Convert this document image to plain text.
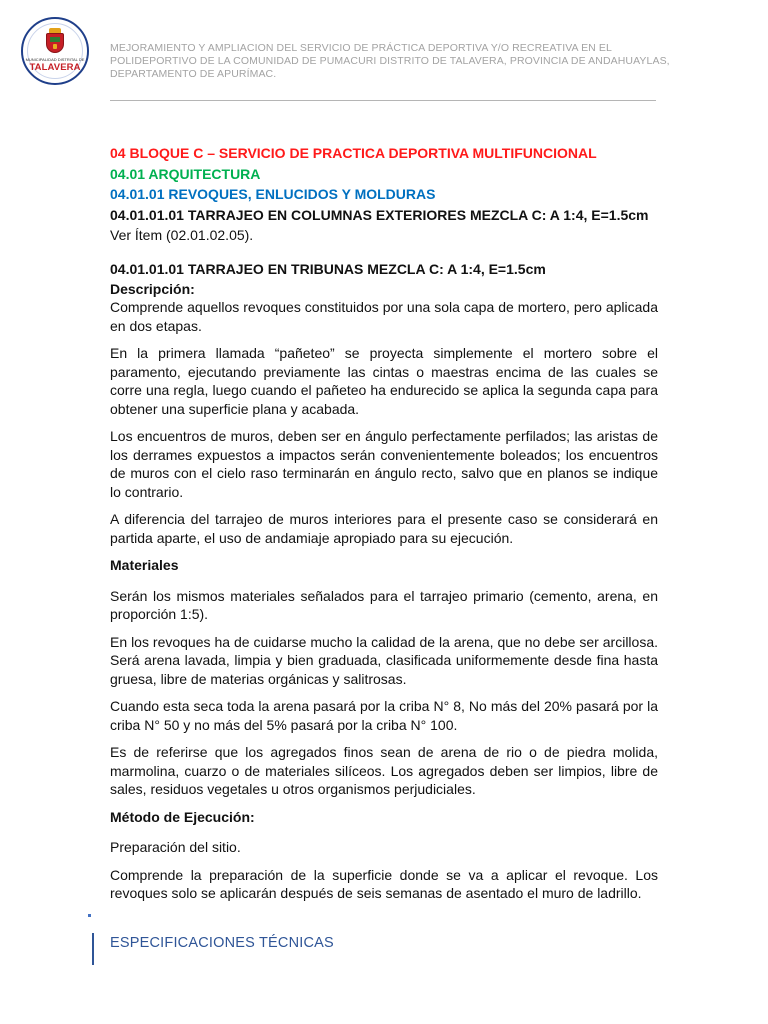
MUNICIPALIDAD DISTRITAL DE
TALAVERA
MEJORAMIENTO Y AMPLIACION DEL SERVICIO DE PRÁCTICA DEPORTIVA Y/O RECREATIVA EN EL
POLIDEPORTIVO DE LA COMUNIDAD DE PUMACURI DISTRITO DE TALAVERA, PROVINCIA DE ANDAHUAYLAS,
DEPARTAMENTO DE APURÍMAC.

04 BLOQUE C – SERVICIO DE PRACTICA DEPORTIVA MULTIFUNCIONAL

04.01 ARQUITECTURA

04.01.01 REVOQUES, ENLUCIDOS Y MOLDURAS

04.01.01.01 TARRAJEO EN COLUMNAS EXTERIORES MEZCLA C: A 1:4, E=1.5cm

Ver Ítem (02.01.02.05).

04.01.01.01 TARRAJEO EN TRIBUNAS MEZCLA C: A 1:4, E=1.5cm

Descripción:

Comprende aquellos revoques constituidos por una sola capa de mortero, pero aplicada en dos etapas.

En la primera llamada “pañeteo” se proyecta simplemente el mortero sobre el paramento, ejecutando previamente las cintas o maestras encima de las cuales se corre una regla, luego cuando el pañeteo ha endurecido se aplica la segunda capa para obtener una superficie plana y acabada.

Los encuentros de muros, deben ser en ángulo perfectamente perfilados; las aristas de los derrames expuestos a impactos serán convenientemente boleados; los encuentros de muros con el cielo raso terminarán en ángulo recto, salvo que en planos se indique lo contrario.

A diferencia del tarrajeo de muros interiores para el presente caso se considerará en partida aparte, el uso de andamiaje apropiado para su ejecución.

Materiales

Serán los mismos materiales señalados para el tarrajeo primario (cemento, arena, en proporción 1:5).

En los revoques ha de cuidarse mucho la calidad de la arena, que no debe ser arcillosa. Será arena lavada, limpia y bien graduada, clasificada uniformemente desde fina hasta gruesa, libre de materias orgánicas y salitrosas.

Cuando esta seca toda la arena pasará por la criba N° 8, No más del 20% pasará por la criba N° 50 y no más del 5% pasará por la criba N° 100.

Es de referirse que los agregados finos sean de arena de rio o de piedra molida, marmolina, cuarzo o de materiales silíceos. Los agregados deben ser limpios, libre de sales, residuos vegetales u otros organismos perjudiciales.

Método de Ejecución:

Preparación del sitio.

Comprende la preparación de la superficie donde se va a aplicar el revoque. Los revoques solo se aplicarán después de seis semanas de asentado el muro de ladrillo.

ESPECIFICACIONES TÉCNICAS
